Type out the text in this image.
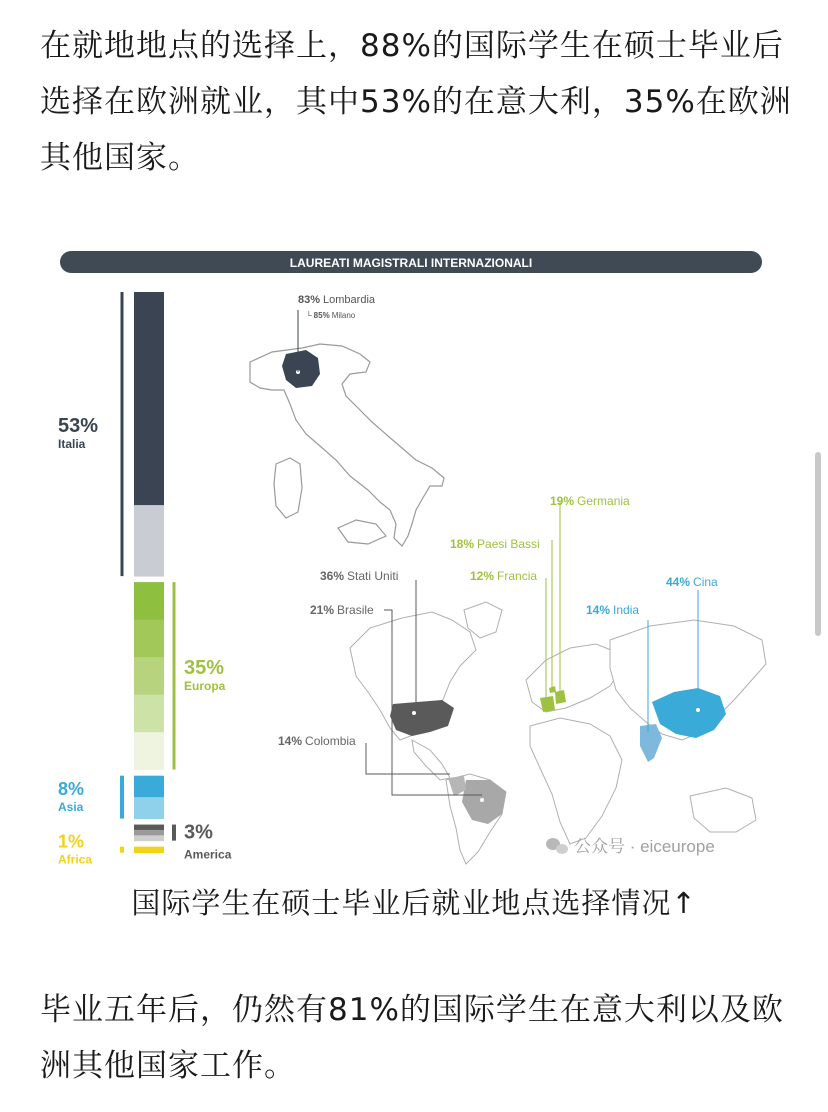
在就地地点的选择上，88%的国际学生在硕士毕业后选择在欧洲就业，其中53%的在意大利，35%在欧洲其他国家。

LAUREATI MAGISTRALI INTERNAZIONALI
53%
Italia
35%
Europa
8%
Asia
3%
America
1%
Africa
83% Lombardia
└ 85% Milano
19% Germania
18% Paesi Bassi
12% Francia
36% Stati Uniti
21% Brasile
14% Colombia
14% India
44% Cina
公众号 · eiceurope
国际学生在硕士毕业后就业地点选择情况↑

毕业五年后，仍然有81%的国际学生在意大利以及欧洲其他国家工作。
